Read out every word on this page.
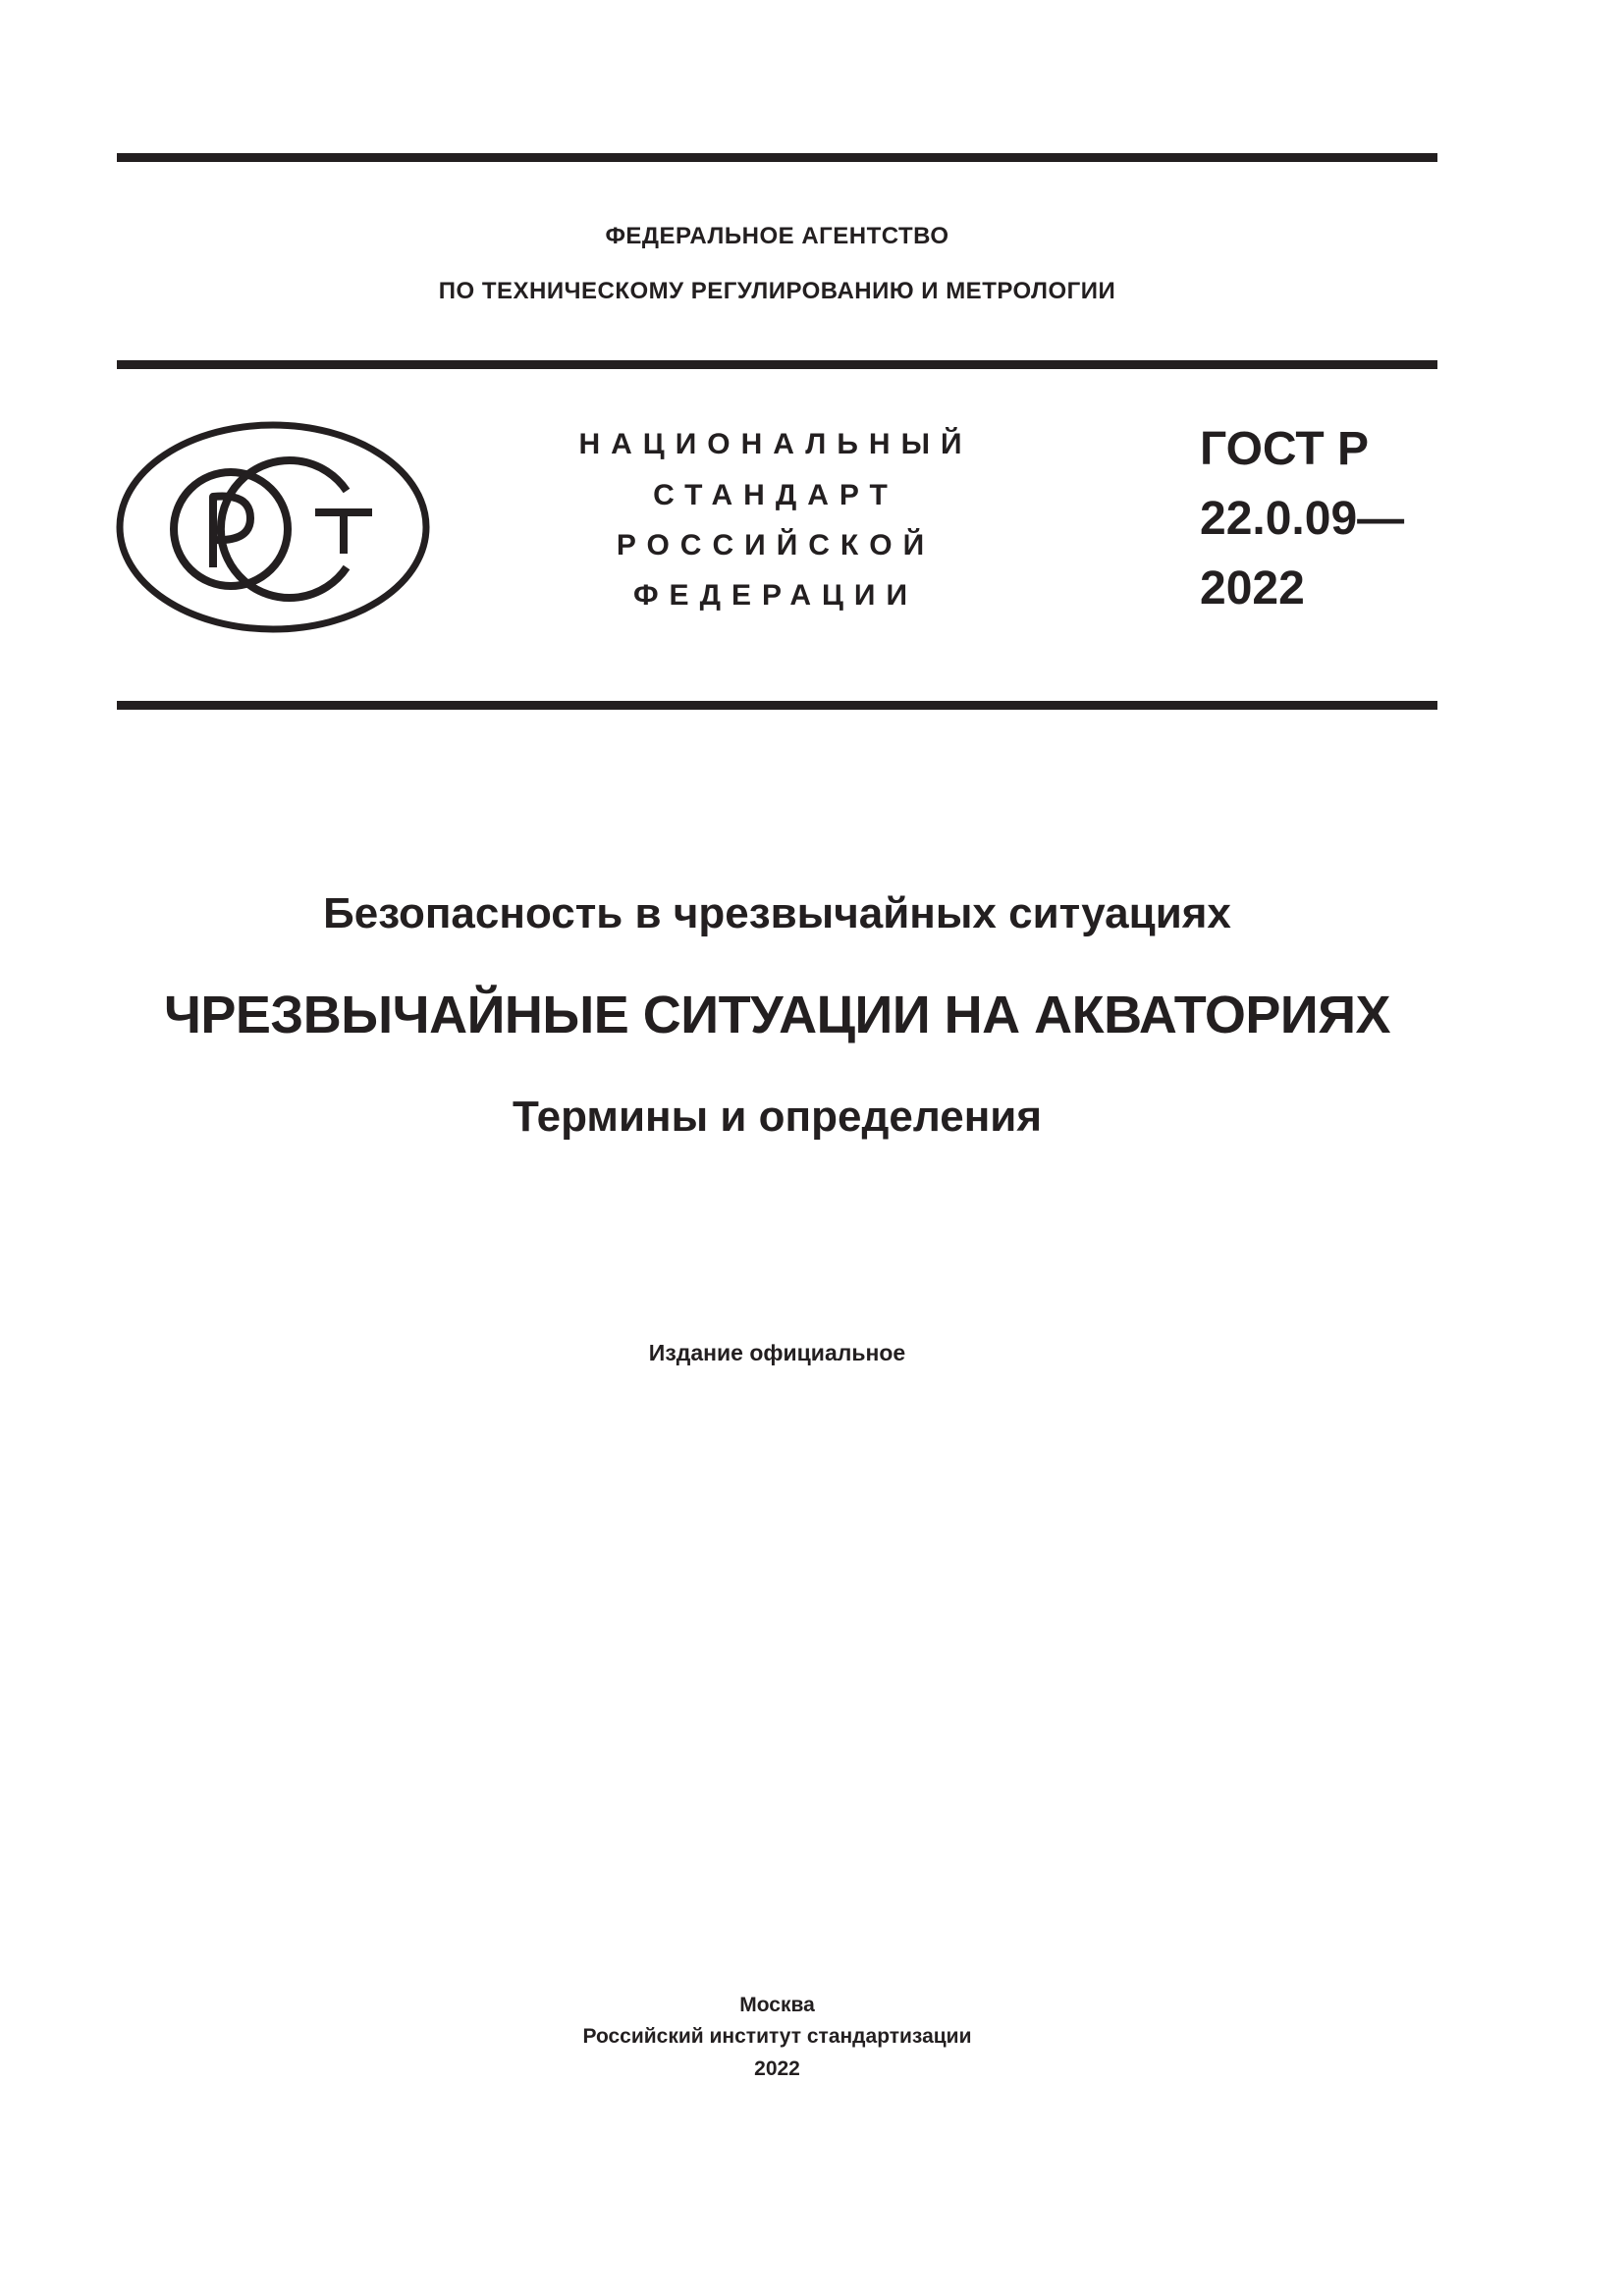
ФЕДЕРАЛЬНОЕ АГЕНТСТВО
ПО ТЕХНИЧЕСКОМУ РЕГУЛИРОВАНИЮ И МЕТРОЛОГИИ
НАЦИОНАЛЬНЫЙ
СТАНДАРТ
РОССИЙСКОЙ
ФЕДЕРАЦИИ
ГОСТ Р
22.0.09—
2022
Безопасность в чрезвычайных ситуациях
ЧРЕЗВЫЧАЙНЫЕ СИТУАЦИИ НА АКВАТОРИЯХ
Термины и определения
Издание официальное
Москва
Российский институт стандартизации
2022
